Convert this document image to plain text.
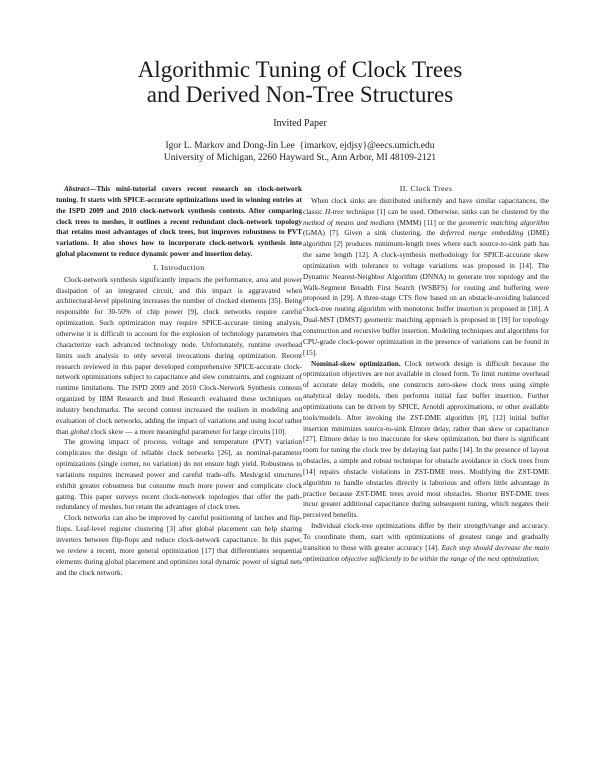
Algorithmic Tuning of Clock Trees
and Derived Non-Tree Structures
Invited Paper
Igor L. Markov and Dong-Jin Lee {imarkov, ejdjsy}@eecs.umich.edu
University of Michigan, 2260 Hayward St., Ann Arbor, MI 48109-2121

Abstract—This mini-tutorial covers recent research on clock-network tuning. It starts with SPICE-accurate optimizations used in winning entries at the ISPD 2009 and 2010 clock-network synthesis contests. After comparing clock trees to meshes, it outlines a recent redundant clock-network topology that retains most advantages of clock trees, but improves robustness to PVT variations. It also shows how to incorporate clock-network synthesis into global placement to reduce dynamic power and insertion delay.

I. Introduction

Clock-network synthesis significantly impacts the performance, area and power dissipation of an integrated circuit, and this impact is aggravated when architectural-level pipelining increases the number of clocked elements [35]. Being responsible for 30-50% of chip power [9], clock networks require careful optimization. Such optimization may require SPICE-accurate timing analysis, otherwise it is difficult to account for the explosion of technology parameters that characterize each advanced technology node. Unfortunately, runtime overhead limits such analysis to only several invocations during optimization. Recent research reviewed in this paper developed comprehensive SPICE-accurate clock-network optimizations subject to capacitance and slew constraints, and cognizant of runtime limitations. The ISPD 2009 and 2010 Clock-Network Synthesis contests organized by IBM Research and Intel Research evaluated these techniques on industry benchmarks. The second contest increased the realism in modeling and evaluation of clock networks, adding the impact of variations and using local rather than global clock skew — a more meaningful parameter for large circuits [10].

The growing impact of process, voltage and temperature (PVT) variation complicates the design of reliable clock networks [26], as nominal-parameter optimizations (single corner, no variation) do not ensure high yield. Robustness to variations requires increased power and careful trade-offs. Mesh/grid structures exhibit greater robustness but consume much more power and complicate clock gating. This paper surveys recent clock-network topologies that offer the path-redundancy of meshes, but retain the advantages of clock trees.

Clock networks can also be improved by careful positioning of latches and flip-flops. Leaf-level register clustering [3] after global placement can help sharing inverters between flip-flops and reduce clock-network capacitance. In this paper, we review a recent, more general optimization [17] that differentiates sequential elements during global placement and optimizes total dynamic power of signal nets and the clock network.

II. Clock Trees

When clock sinks are distributed uniformly and have similar capacitances, the classic H-tree technique [1] can be used. Otherwise, sinks can be clustered by the method of means and medians (MMM) [11] or the geometric matching algorithm (GMA) [7]. Given a sink clustering, the deferred merge embedding (DME) algorithm [2] produces minimum-length trees where each source-to-sink path has the same length [12]. A clock-synthesis methodology for SPICE-accurate skew optimization with tolerance to voltage variations was proposed in [14]. The Dynamic Nearest-Neighbor Algorithm (DNNA) to generate tree topology and the Walk-Segment Breadth First Search (WSBFS) for routing and buffering were proposed in [29]. A three-stage CTS flow based on an obstacle-avoiding balanced clock-tree routing algorithm with monotonic buffer insertion is proposed in [18]. A Dual-MST (DMST) geometric matching approach is proposed in [19] for topology construction and recursive buffer insertion. Modeling techniques and algorithms for CPU-grade clock-power optimization in the presence of variations can be found in [15].

Nominal-skew optimization. Clock network design is difficult because the optimization objectives are not available in closed form. To limit runtime overhead of accurate delay models, one constructs zero-skew clock trees using simple analytical delay models, then performs initial fast buffer insertion. Further optimizations can be driven by SPICE, Arnoldi approximations, or other available tools/models. After invoking the ZST-DME algorithm [8], [12] initial buffer insertion minimizes source-to-sink Elmore delay, rather than skew or capacitance [27]. Elmore delay is too inaccurate for skew optimization, but there is significant room for tuning the clock tree by delaying fast paths [14]. In the presence of layout obstacles, a simple and robust technique for obstacle avoidance in clock trees from [14] repairs obstacle violations in ZST-DME trees. Modifying the ZST-DME algorithm to handle obstacles directly is laborious and offers little advantage in practice because ZST-DME trees avoid most obstacles. Shorter BST-DME trees incur greater additional capacitance during subsequent tuning, which negates their perceived benefits.

Individual clock-tree optimizations differ by their strength/range and accuracy. To coordinate them, start with optimizations of greatest range and gradually transition to those with greater accuracy [14]. Each step should decrease the main optimization objective sufficiently to be within the range of the next optimization.
